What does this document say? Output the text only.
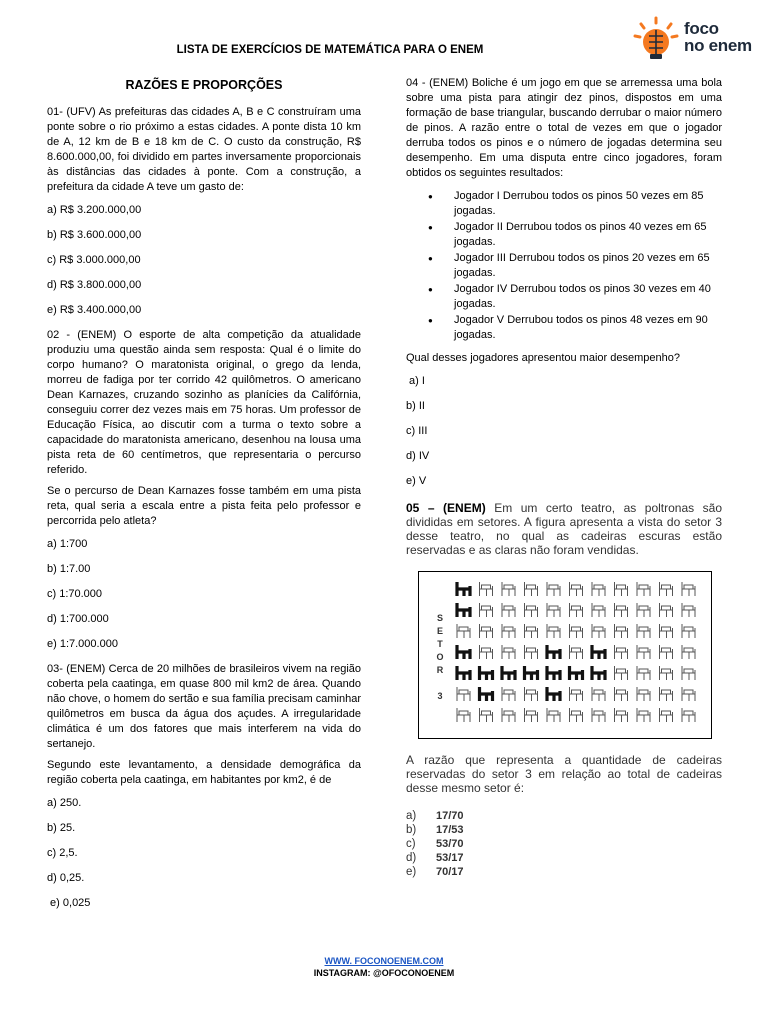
LISTA DE EXERCÍCIOS DE MATEMÁTICA PARA O ENEM
foco
no enem
RAZÕES E PROPORÇÕES

01- (UFV) As prefeituras das cidades A, B e C construíram uma ponte sobre o rio próximo a estas cidades. A ponte dista 10 km de A, 12 km de B e 18 km de C. O custo da construção, R$ 8.600.000,00, foi dividido em partes inversamente proporcionais às distâncias das cidades à ponte. Com a construção, a prefeitura da cidade A teve um gasto de:

a) R$ 3.200.000,00

b) R$ 3.600.000,00

c) R$ 3.000.000,00

d) R$ 3.800.000,00

e) R$ 3.400.000,00

02 - (ENEM) O esporte de alta competição da atualidade produziu uma questão ainda sem resposta: Qual é o limite do corpo humano? O maratonista original, o grego da lenda, morreu de fadiga por ter corrido 42 quilômetros. O americano Dean Karnazes, cruzando sozinho as planícies da Califórnia, conseguiu correr dez vezes mais em 75 horas. Um professor de Educação Física, ao discutir com a turma o texto sobre a capacidade do maratonista americano, desenhou na lousa uma pista reta de 60 centímetros, que representaria o percurso referido.

Se o percurso de Dean Karnazes fosse também em uma pista reta, qual seria a escala entre a pista feita pelo professor e percorrida pelo atleta?

a) 1:700

b) 1:7.00

c) 1:70.000

d) 1:700.000

e) 1:7.000.000

03- (ENEM) Cerca de 20 milhões de brasileiros vivem na região coberta pela caatinga, em quase 800 mil km2 de área. Quando não chove, o homem do sertão e sua família precisam caminhar quilômetros em busca da água dos açudes. A irregularidade climática é um dos fatores que mais interferem na vida do sertanejo.

Segundo este levantamento, a densidade demográfica da região coberta pela caatinga, em habitantes por km2, é de

a) 250.

b) 25.

c) 2,5.

d) 0,25.

e) 0,025

04 - (ENEM) Boliche é um jogo em que se arremessa uma bola sobre uma pista para atingir dez pinos, dispostos em uma formação de base triangular, buscando derrubar o maior número de pinos. A razão entre o total de vezes em que o jogador derruba todos os pinos e o número de jogadas determina seu desempenho. Em uma disputa entre cinco jogadores, foram obtidos os seguintes resultados:

● Jogador I Derrubou todos os pinos 50 vezes em 85 jogadas.
● Jogador II Derrubou todos os pinos 40 vezes em 65 jogadas.
● Jogador III Derrubou todos os pinos 20 vezes em 65 jogadas.
● Jogador IV Derrubou todos os pinos 30 vezes em 40 jogadas.
● Jogador V Derrubou todos os pinos 48 vezes em 90 jogadas.

Qual desses jogadores apresentou maior desempenho?

a) I

b) II

c) III

d) IV

e) V

05 – (ENEM) Em um certo teatro, as poltronas são divididas em setores. A figura apresenta a vista do setor 3 desse teatro, no qual as cadeiras escuras estão reservadas e as claras não foram vendidas.

S
E
T
O
R
3

A razão que representa a quantidade de cadeiras reservadas do setor 3 em relação ao total de cadeiras desse mesmo setor é:

a)	17/70
b)	17/53
c)	53/70
d)	53/17
e)	70/17
WWW. FOCONOENEM.COM
INSTAGRAM: @OFOCONOENEM
